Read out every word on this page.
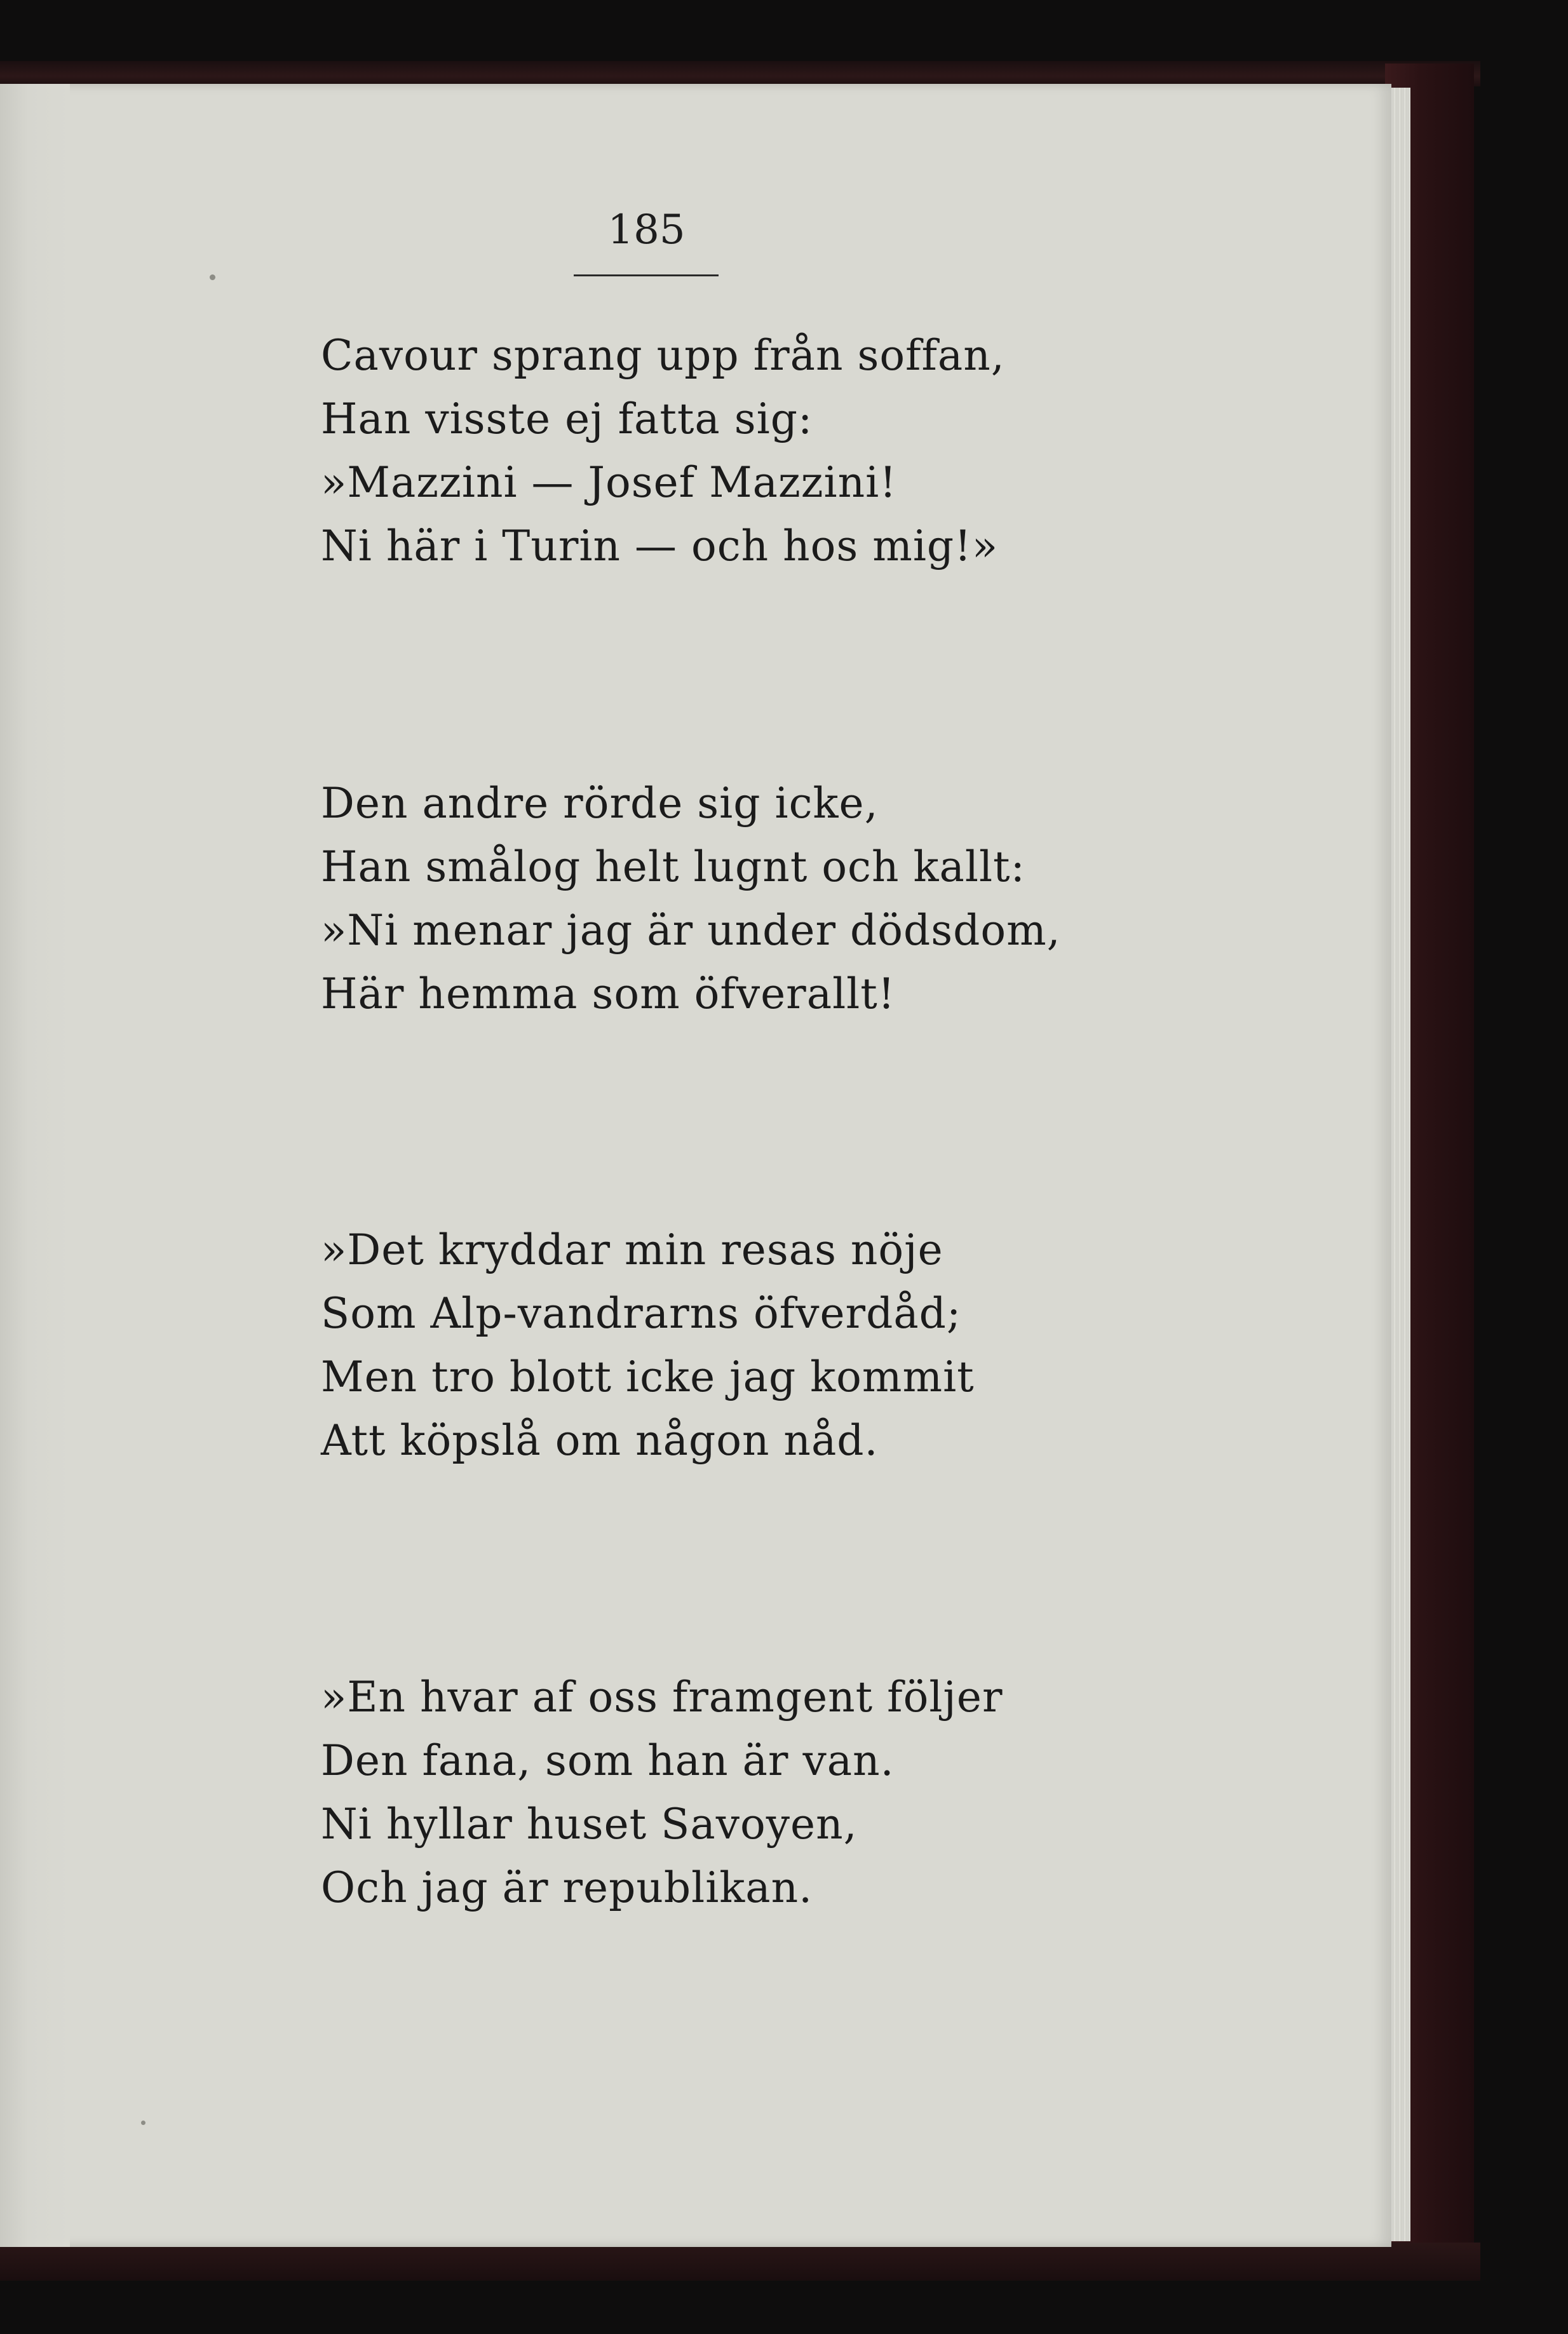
185
Cavour sprang upp från soffan,
Han visste ej fatta sig:
»Mazzini — Josef Mazzini!
Ni här i Turin — och hos mig!»
Den andre rörde sig icke,
Han smålog helt lugnt och kallt:
»Ni menar jag är under dödsdom,
Här hemma som öfverallt!
»Det kryddar min resas nöje
Som Alp-vandrarns öfverdåd;
Men tro blott icke jag kommit
Att köpslå om någon nåd.
»En hvar af oss framgent följer
Den fana, som han är van.
Ni hyllar huset Savoyen,
Och jag är republikan.
